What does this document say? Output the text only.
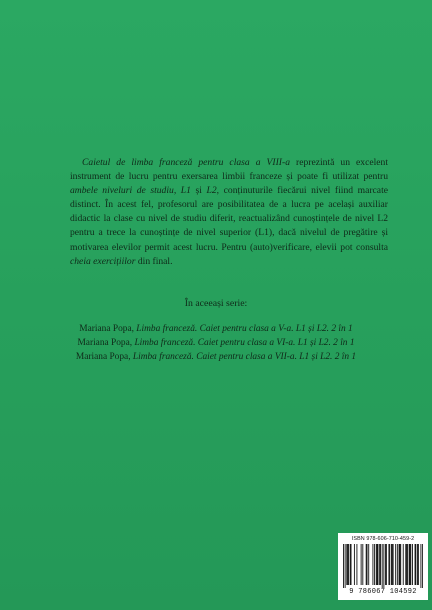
Caietul de limba franceză pentru clasa a VIII-a reprezintă un excelent instrument de lucru pentru exersarea limbii franceze și poate fi utilizat pentru ambele niveluri de studiu, L1 și L2, conținuturile fiecărui nivel fiind marcate distinct. În acest fel, profesorul are posibilitatea de a lucra pe același auxiliar didactic la clase cu nivel de studiu diferit, reactualizând cunoștințele de nivel L2 pentru a trece la cunoștințe de nivel superior (L1), dacă nivelul de pregătire și motivarea elevilor permit acest lucru. Pentru (auto)verificare, elevii pot consulta cheia exercițiilor din final.

În aceeași serie:

Mariana Popa, Limba franceză. Caiet pentru clasa a V-a. L1 și L2. 2 în 1
Mariana Popa, Limba franceză. Caiet pentru clasa a VI-a. L1 și L2. 2 în 1
Mariana Popa, Limba franceză. Caiet pentru clasa a VII-a. L1 și L2. 2 în 1
ISBN 978-606-710-459-2
9 786067 104592
